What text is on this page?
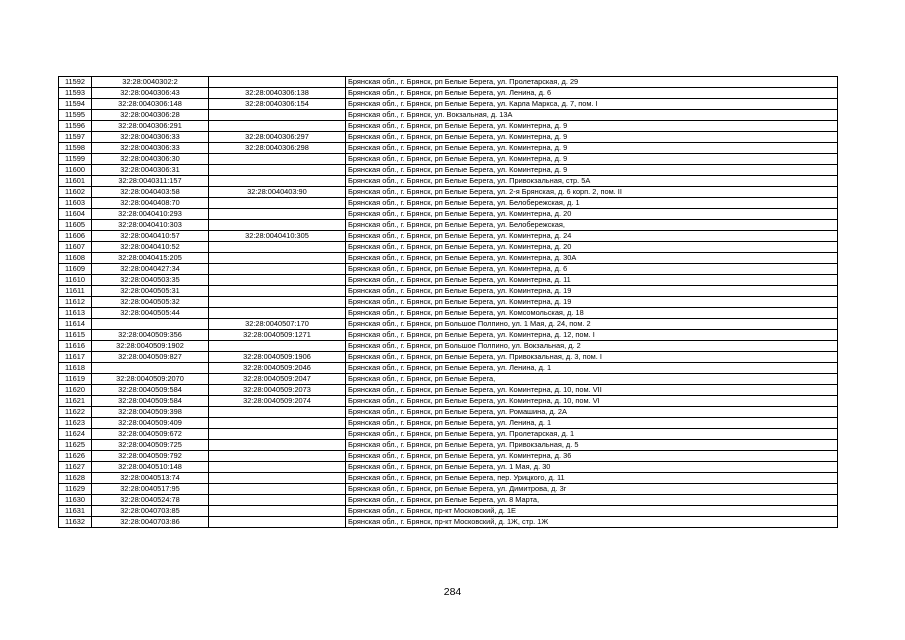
11592	32:28:0040302:2		Брянская обл., г. Брянск, рп Белые Берега, ул. Пролетарская, д. 29
11593	32:28:0040306:43	32:28:0040306:138	Брянская обл., г. Брянск, рп Белые Берега, ул. Ленина, д. 6
11594	32:28:0040306:148	32:28:0040306:154	Брянская обл., г. Брянск, рп Белые Берега, ул. Карла Маркса, д. 7, пом. I
11595	32:28:0040306:28		Брянская обл., г. Брянск, ул. Вокзальная, д. 13А
11596	32:28:0040306:291		Брянская обл., г. Брянск, рп Белые Берега, ул. Коминтерна, д. 9
11597	32:28:0040306:33	32:28:0040306:297	Брянская обл., г. Брянск, рп Белые Берега, ул. Коминтерна, д. 9
11598	32:28:0040306:33	32:28:0040306:298	Брянская обл., г. Брянск, рп Белые Берега, ул. Коминтерна, д. 9
11599	32:28:0040306:30		Брянская обл., г. Брянск, рп Белые Берега, ул. Коминтерна, д. 9
11600	32:28:0040306:31		Брянская обл., г. Брянск, рп Белые Берега, ул. Коминтерна, д. 9
11601	32:28:0040311:157		Брянская обл., г. Брянск, рп Белые Берега, ул. Привокзальная, стр. 5А
11602	32:28:0040403:58	32:28:0040403:90	Брянская обл., г. Брянск, рп Белые Берега, ул. 2-я Брянская, д. 6 корп. 2, пом. II
11603	32:28:0040408:70		Брянская обл., г. Брянск, рп Белые Берега, ул. Белобережская, д. 1
11604	32:28:0040410:293		Брянская обл., г. Брянск, рп Белые Берега, ул. Коминтерна, д. 20
11605	32:28:0040410:303		Брянская обл., г. Брянск, рп Белые Берега, ул. Белобережская,
11606	32:28:0040410:57	32:28:0040410:305	Брянская обл., г. Брянск, рп Белые Берега, ул. Коминтерна, д. 24
11607	32:28:0040410:52		Брянская обл., г. Брянск, рп Белые Берега, ул. Коминтерна, д. 20
11608	32:28:0040415:205		Брянская обл., г. Брянск, рп Белые Берега, ул. Коминтерна, д. 30А
11609	32:28:0040427:34		Брянская обл., г. Брянск, рп Белые Берега, ул. Коминтерна, д. 6
11610	32:28:0040503:35		Брянская обл., г. Брянск, рп Белые Берега, ул. Коминтерна, д. 11
11611	32:28:0040505:31		Брянская обл., г. Брянск, рп Белые Берега, ул. Коминтерна, д. 19
11612	32:28:0040505:32		Брянская обл., г. Брянск, рп Белые Берега, ул. Коминтерна, д. 19
11613	32:28:0040505:44		Брянская обл., г. Брянск, рп Белые Берега, ул. Комсомольская, д. 18
11614		32:28:0040507:170	Брянская обл., г. Брянск, рп Большое Полпино, ул. 1 Мая, д. 24, пом. 2
11615	32:28:0040509:356	32:28:0040509:1271	Брянская обл., г. Брянск, рп Белые Берега, ул. Коминтерна, д. 12, пом. I
11616	32:28:0040509:1902		Брянская обл., г. Брянск, рп Большое Полпино, ул. Вокзальная, д. 2
11617	32:28:0040509:827	32:28:0040509:1906	Брянская обл., г. Брянск, рп Белые Берега, ул. Привокзальная, д. 3, пом. I
11618		32:28:0040509:2046	Брянская обл., г. Брянск, рп Белые Берега, ул. Ленина, д. 1
11619	32:28:0040509:2070	32:28:0040509:2047	Брянская обл., г. Брянск, рп Белые Берега,
11620	32:28:0040509:584	32:28:0040509:2073	Брянская обл., г. Брянск, рп Белые Берега, ул. Коминтерна, д. 10, пом. VII
11621	32:28:0040509:584	32:28:0040509:2074	Брянская обл., г. Брянск, рп Белые Берега, ул. Коминтерна, д. 10, пом. VI
11622	32:28:0040509:398		Брянская обл., г. Брянск, рп Белые Берега, ул. Ромашина, д. 2А
11623	32:28:0040509:409		Брянская обл., г. Брянск, рп Белые Берега, ул. Ленина, д. 1
11624	32:28:0040509:672		Брянская обл., г. Брянск, рп Белые Берега, ул. Пролетарская, д. 1
11625	32:28:0040509:725		Брянская обл., г. Брянск, рп Белые Берега, ул. Привокзальная, д. 5
11626	32:28:0040509:792		Брянская обл., г. Брянск, рп Белые Берега, ул. Коминтерна, д. 36
11627	32:28:0040510:148		Брянская обл., г. Брянск, рп Белые Берега, ул. 1 Мая, д. 30
11628	32:28:0040513:74		Брянская обл., г. Брянск, рп Белые Берега, пер. Урицкого, д. 11
11629	32:28:0040517:95		Брянская обл., г. Брянск, рп Белые Берега, ул. Димитрова, д. 3г
11630	32:28:0040524:78		Брянская обл., г. Брянск, рп Белые Берега, ул. 8 Марта,
11631	32:28:0040703:85		Брянская обл., г. Брянск, пр-кт Московский, д. 1Е
11632	32:28:0040703:86		Брянская обл., г. Брянск, пр-кт Московский, д. 1Ж, стр. 1Ж
284
